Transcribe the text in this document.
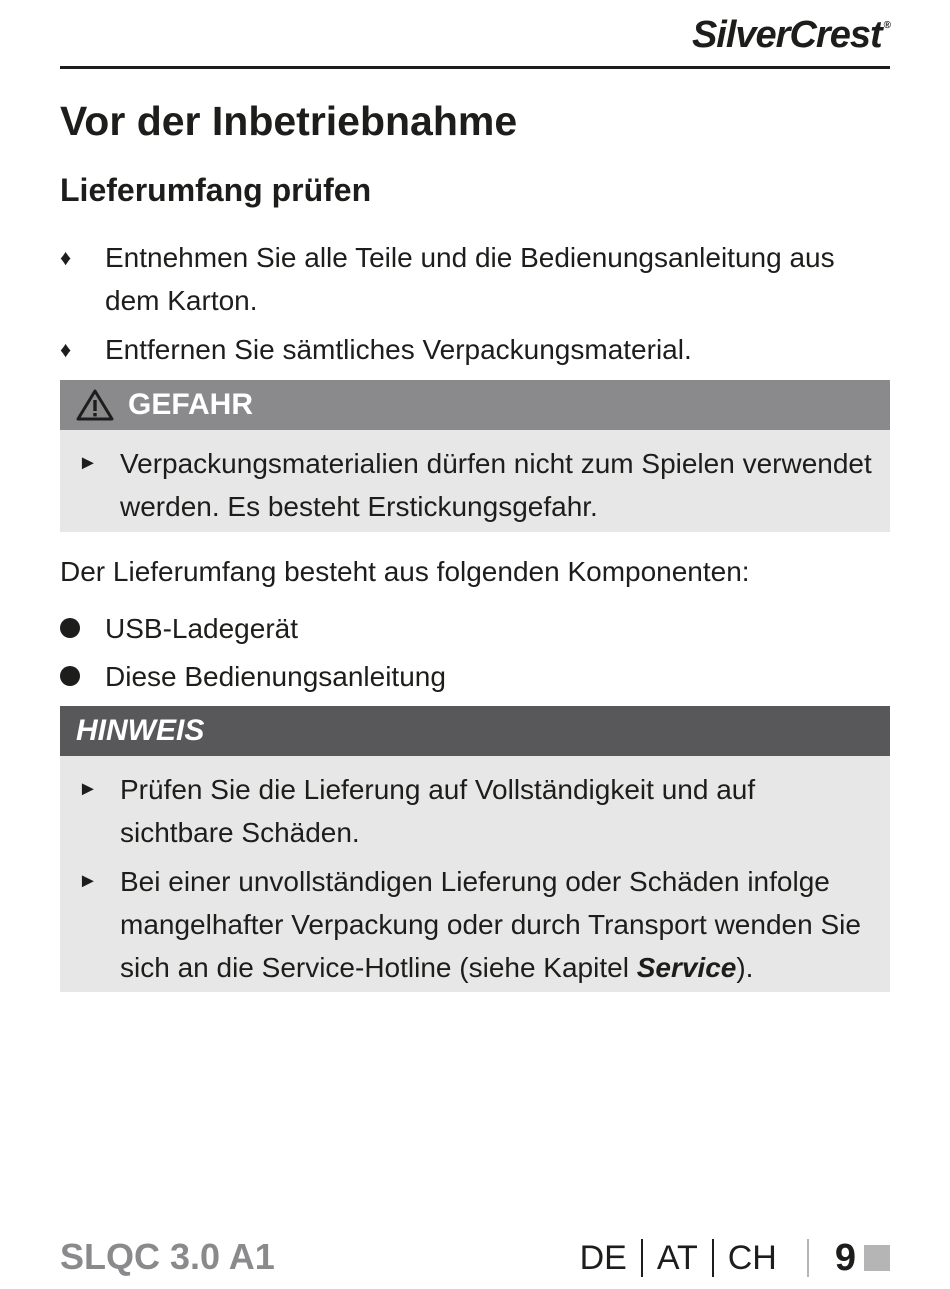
SilverCrest ®
Vor der Inbetriebnahme
Lieferumfang prüfen
♦	Entnehmen Sie alle Teile und die Bedienungsanleitung aus dem Karton.
♦	Entfernen Sie sämtliches Verpackungsmaterial.
GEFAHR
► Verpackungsmaterialien dürfen nicht zum Spielen verwendet werden. Es besteht Erstickungsgefahr.
Der Lieferumfang besteht aus folgenden Komponenten:
USB-Ladegerät
Diese Bedienungsanleitung
HINWEIS
► Prüfen Sie die Lieferung auf Vollständigkeit und auf sichtbare Schäden.
► Bei einer unvollständigen Lieferung oder Schäden infolge mangelhafter Verpackung oder durch Transport wenden Sie sich an die Service-Hotline (siehe Kapitel Service).
SLQC 3.0 A1	DE AT CH 9
